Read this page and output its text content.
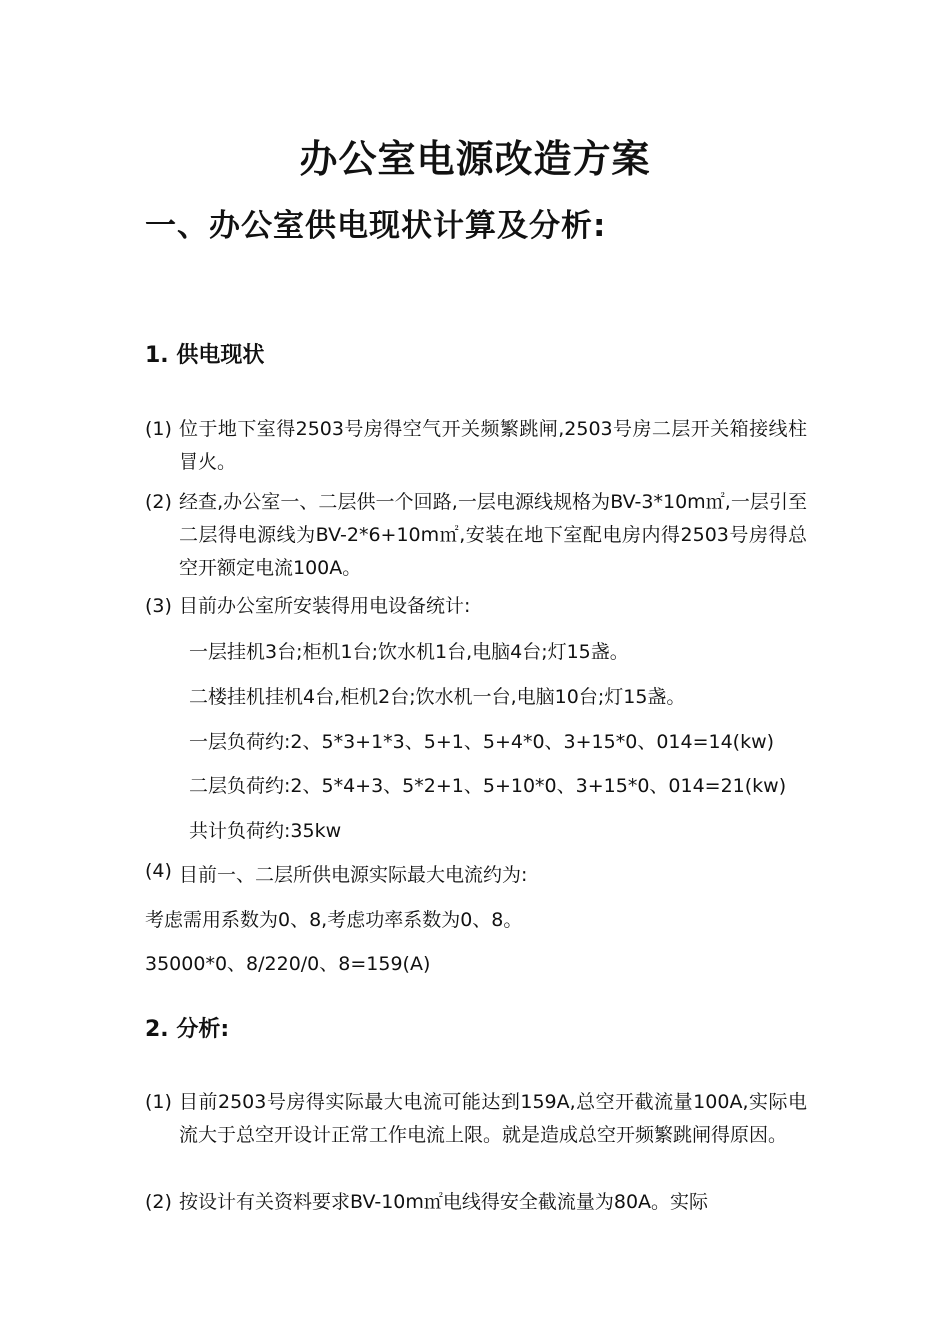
办公室电源改造方案
一、办公室供电现状计算及分析:
1. 供电现状
(1) 位于地下室得2503号房得空气开关频繁跳闸,2503号房二层开关箱接线柱冒火。
(2) 经查,办公室一、二层供一个回路,一层电源线规格为BV-3*10m㎡,一层引至二层得电源线为BV-2*6+10m㎡,安装在地下室配电房内得2503号房得总空开额定电流100A。
(3) 目前办公室所安装得用电设备统计:
一层挂机3台;柜机1台;饮水机1台,电脑4台;灯15盏。
二楼挂机挂机4台,柜机2台;饮水机一台,电脑10台;灯15盏。
一层负荷约:2、5*3+1*3、5+1、5+4*0、3+15*0、014=14(kw)
二层负荷约:2、5*4+3、5*2+1、5+10*0、3+15*0、014=21(kw)
共计负荷约:35kw
(4) 目前一、二层所供电源实际最大电流约为:
考虑需用系数为0、8,考虑功率系数为0、8。
35000*0、8/220/0、8=159(A)
2. 分析:
(1) 目前2503号房得实际最大电流可能达到159A,总空开截流量100A,实际电流大于总空开设计正常工作电流上限。就是造成总空开频繁跳闸得原因。
(2) 按设计有关资料要求BV-10m㎡电线得安全截流量为80A。实际
